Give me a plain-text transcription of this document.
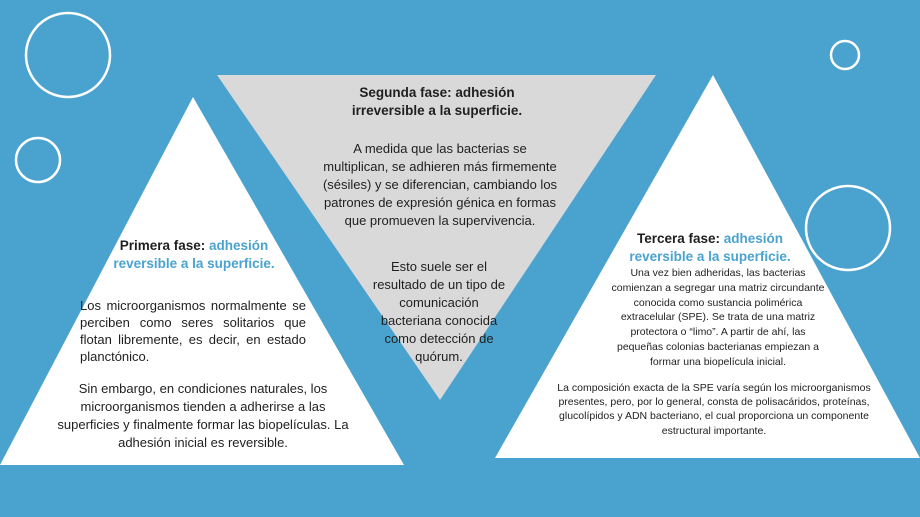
Primera fase: adhesión reversible a la superficie.
Los microorganismos normalmente se perciben como seres solitarios que flotan libremente, es decir, en estado planctónico.
Sin embargo, en condiciones naturales, los microorganismos tienden a adherirse a las superficies y finalmente formar las biopelículas. La adhesión inicial es reversible.
Segunda fase: adhesión irreversible a la superficie.
A medida que las bacterias se multiplican, se adhieren más firmemente (sésiles) y se diferencian, cambiando los patrones de expresión génica en formas que promueven la supervivencia.
Esto suele ser el resultado de un tipo de comunicación bacteriana conocida como detección de quórum.
Tercera fase: adhesión reversible a la superficie.
Una vez bien adheridas, las bacterias comienzan a segregar una matriz circundante conocida como sustancia polimérica extracelular (SPE). Se trata de una matriz protectora o “limo”. A partir de ahí, las pequeñas colonias bacterianas empiezan a formar una biopelícula inicial.
La composición exacta de la SPE varía según los microorganismos presentes, pero, por lo general, consta de polisacáridos, proteínas, glucolípidos y ADN bacteriano, el cual proporciona un componente estructural importante.
